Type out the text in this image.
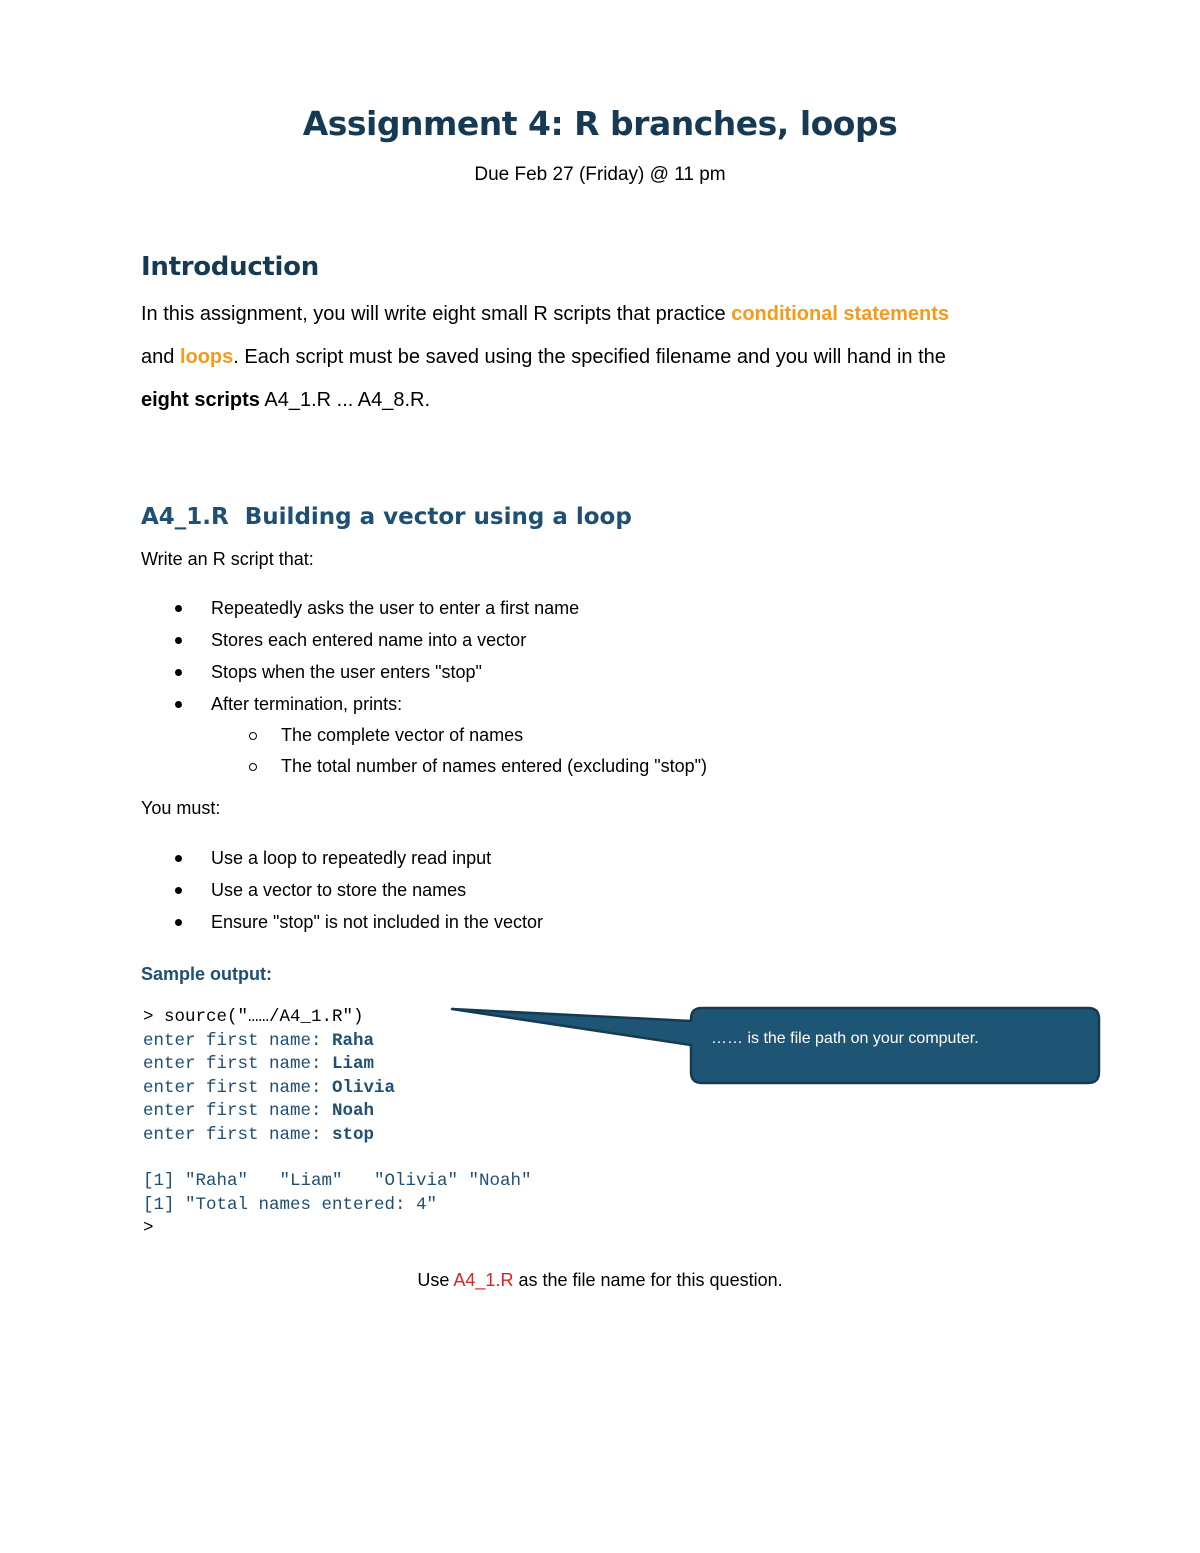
Assignment 4: R branches, loops
Due Feb 27 (Friday) @ 11 pm
Introduction
In this assignment, you will write eight small R scripts that practice conditional statements
and loops. Each script must be saved using the specified filename and you will hand in the
eight scripts A4_1.R ... A4_8.R.
A4_1.R Building a vector using a loop
Write an R script that:
Repeatedly asks the user to enter a first name
Stores each entered name into a vector
Stops when the user enters "stop"
After termination, prints:
The complete vector of names
The total number of names entered (excluding "stop")
You must:
Use a loop to repeatedly read input
Use a vector to store the names
Ensure "stop" is not included in the vector
Sample output:
> source("……/A4_1.R")
enter first name: Raha
enter first name: Liam
enter first name: Olivia
enter first name: Noah
enter first name: stop
[1] "Raha"   "Liam"   "Olivia" "Noah"
[1] "Total names entered: 4"
>
…… is the file path on your computer.
Use A4_1.R as the file name for this question.
